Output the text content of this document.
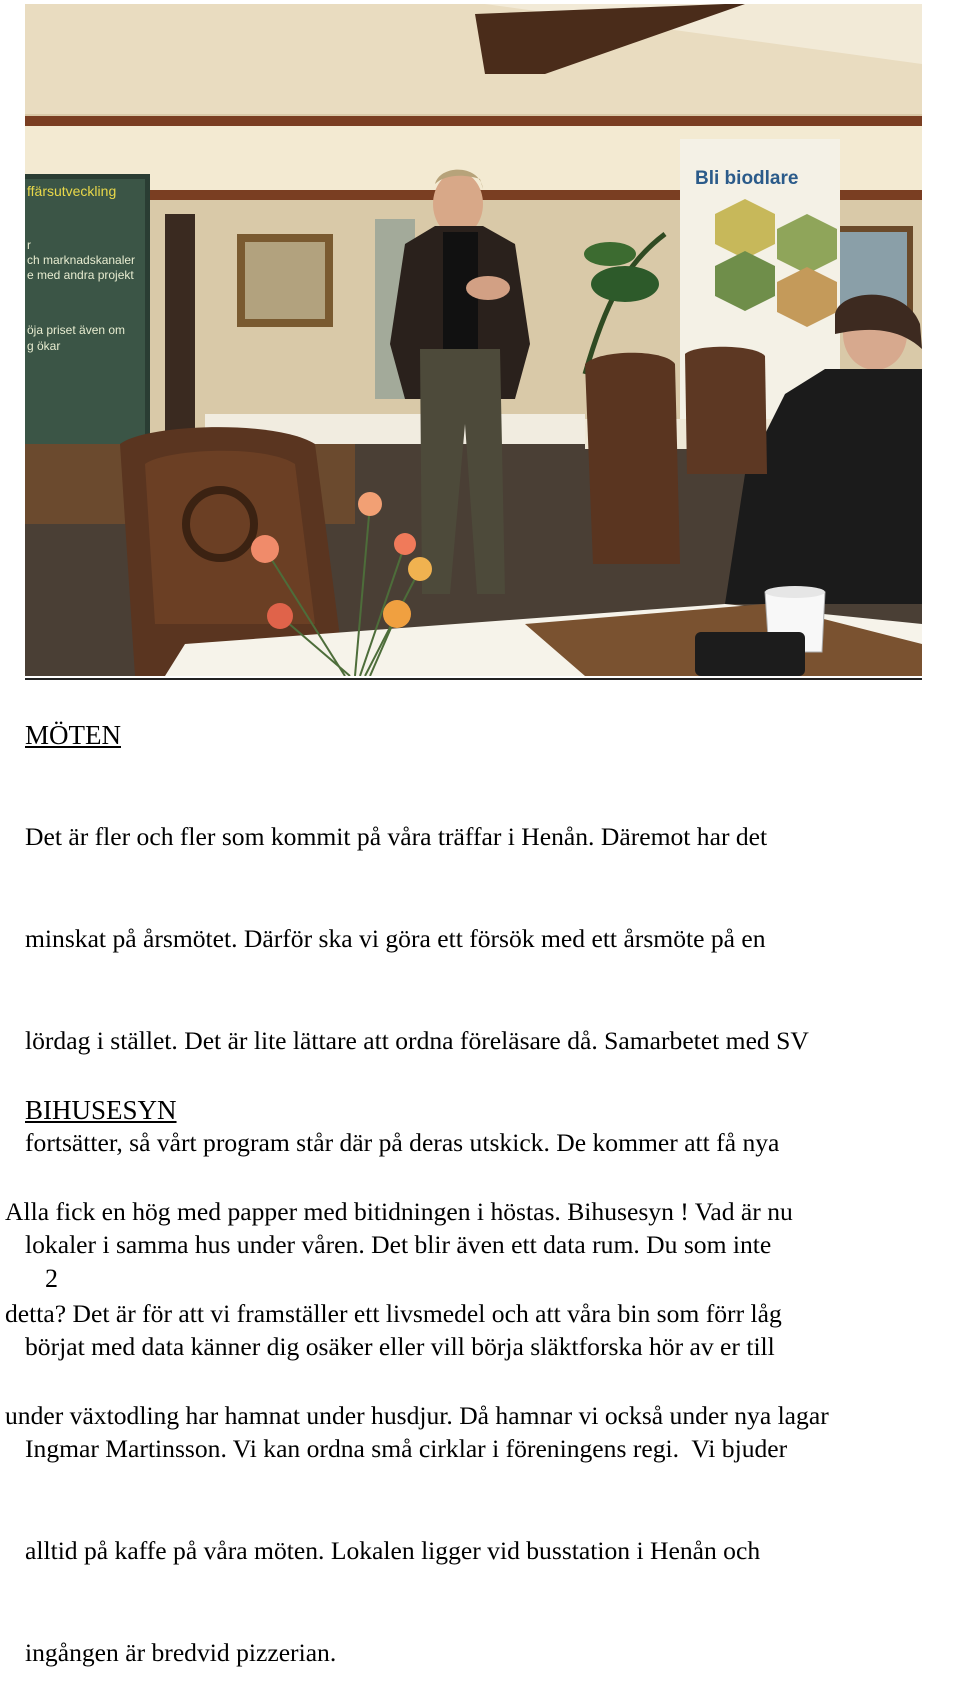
ffärsutveckling
r
ch marknadskanaler
e med andra projekt
öja priset även om
g ökar
Bli biodlare
MÖTEN

Det är fler och fler som kommit på våra träffar i Henån. Däremot har det

minskat på årsmötet. Därför ska vi göra ett försök med ett årsmöte på en

lördag i stället. Det är lite lättare att ordna föreläsare då. Samarbetet med SV

fortsätter, så vårt program står där på deras utskick. De kommer att få nya

lokaler i samma hus under våren. Det blir även ett data rum. Du som inte

börjat med data känner dig osäker eller vill börja släktforska hör av er till

Ingmar Martinsson. Vi kan ordna små cirklar i föreningens regi.  Vi bjuder

alltid på kaffe på våra möten. Lokalen ligger vid busstation i Henån och

ingången är bredvid pizzerian.

BIHUSESYN

Alla fick en hög med papper med bitidningen i höstas. Bihusesyn ! Vad är nu

detta? Det är för att vi framställer ett livsmedel och att våra bin som förr låg

under växtodling har hamnat under husdjur. Då hamnar vi också under nya lagar

2
